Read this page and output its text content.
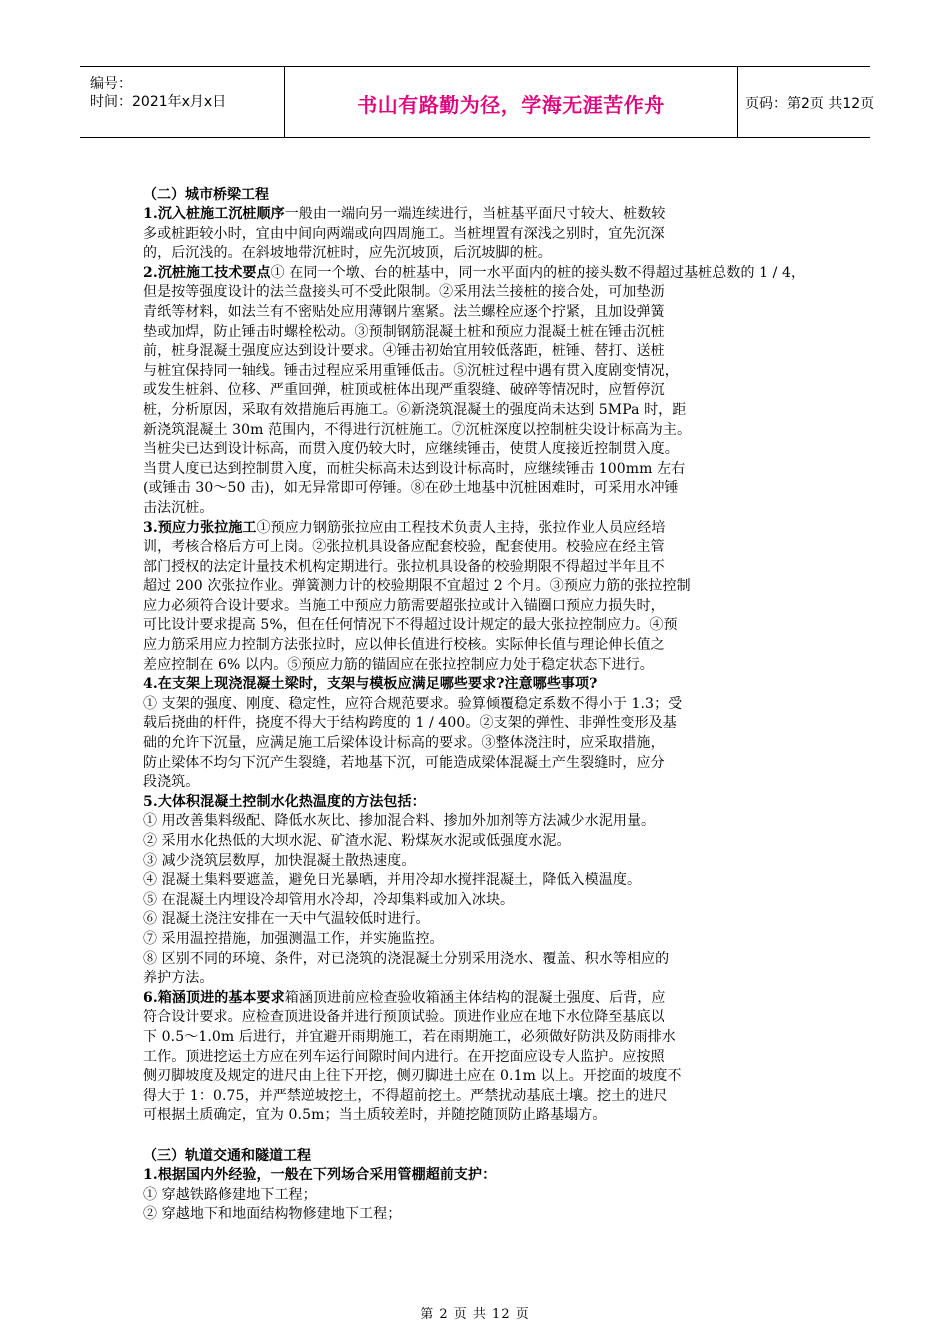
编号：
时间：2021年x月x日	书山有路勤为径，学海无涯苦作舟	页码：第2页 共12页
（二）城市桥梁工程
1.沉入桩施工沉桩顺序一般由一端向另一端连续进行，当桩基平面尺寸较大、桩数较
多或桩距较小时，宜由中间向两端或向四周施工。当桩埋置有深浅之别时，宜先沉深
的，后沉浅的。在斜坡地带沉桩时，应先沉坡顶，后沉坡脚的桩。
2.沉桩施工技术要点① 在同一个墩、台的桩基中，同一水平面内的桩的接头数不得超过基桩总数的 1 / 4，
但是按等强度设计的法兰盘接头可不受此限制。②采用法兰接桩的接合处，可加垫沥
青纸等材料，如法兰有不密贴处应用薄钢片塞紧。法兰螺栓应逐个拧紧，且加设弹簧
垫或加焊，防止锤击时螺栓松动。③预制钢筋混凝土桩和预应力混凝土桩在锤击沉桩
前，桩身混凝土强度应达到设计要求。④锤击初始宜用较低落距，桩锤、替打、送桩
与桩宜保持同一轴线。锤击过程应采用重锤低击。⑤沉桩过程中遇有贯入度剧变情况，
或发生桩斜、位移、严重回弹，桩顶或桩体出现严重裂缝、破碎等情况时，应暂停沉
桩，分析原因，采取有效措施后再施工。⑥新浇筑混凝土的强度尚未达到 5MPa 时，距
新浇筑混凝土 30m 范围内，不得进行沉桩施工。⑦沉桩深度以控制桩尖设计标高为主。
当桩尖已达到设计标高，而贯入度仍较大时，应继续锤击，使贯人度接近控制贯入度。
当贯人度已达到控制贯入度，而桩尖标高未达到设计标高时，应继续锤击 100mm 左右
(或锤击 30～50 击)，如无异常即可停锤。⑧在砂土地基中沉桩困难时，可采用水冲锤
击法沉桩。
3.预应力张拉施工①预应力钢筋张拉应由工程技术负责人主持，张拉作业人员应经培
训，考核合格后方可上岗。②张拉机具设备应配套校验，配套使用。校验应在经主管
部门授权的法定计量技术机构定期进行。张拉机具设备的校验期限不得超过半年且不
超过 200 次张拉作业。弹簧测力计的校验期限不宜超过 2 个月。③预应力筋的张拉控制
应力必须符合设计要求。当施工中预应力筋需要超张拉或计入锚圈口预应力损失时，
可比设计要求提高 5%，但在任何情况下不得超过设计规定的最大张拉控制应力。④预
应力筋采用应力控制方法张拉时，应以伸长值进行校核。实际伸长值与理论伸长值之
差应控制在 6% 以内。⑤预应力筋的锚固应在张拉控制应力处于稳定状态下进行。
4.在支架上现浇混凝土梁时，支架与模板应满足哪些要求?注意哪些事项?
① 支架的强度、刚度、稳定性，应符合规范要求。验算倾覆稳定系数不得小于 1.3；受
载后挠曲的杆件，挠度不得大于结构跨度的 1 / 400。②支架的弹性、非弹性变形及基
础的允许下沉量，应满足施工后梁体设计标高的要求。③整体浇注时，应采取措施，
防止梁体不均匀下沉产生裂缝，若地基下沉，可能造成梁体混凝土产生裂缝时，应分
段浇筑。
5.大体积混凝土控制水化热温度的方法包括：
① 用改善集料级配、降低水灰比、掺加混合料、掺加外加剂等方法减少水泥用量。
② 采用水化热低的大坝水泥、矿渣水泥、粉煤灰水泥或低强度水泥。
③ 减少浇筑层数厚，加快混凝土散热速度。
④ 混凝土集料要遮盖，避免日光暴晒，并用冷却水搅拌混凝土，降低入模温度。
⑤ 在混凝土内埋设冷却管用水冷却，冷却集料或加入冰块。
⑥ 混凝土浇注安排在一天中气温较低时进行。
⑦ 采用温控措施，加强测温工作，并实施监控。
⑧ 区别不同的环境、条件，对已浇筑的浇混凝土分别采用浇水、覆盖、积水等相应的
养护方法。
6.箱涵顶进的基本要求箱涵顶进前应检查验收箱涵主体结构的混凝土强度、后背，应
符合设计要求。应检查顶进设备并进行预顶试验。顶进作业应在地下水位降至基底以
下 0.5～1.0m 后进行，并宜避开雨期施工，若在雨期施工，必须做好防洪及防雨排水
工作。顶进挖运土方应在列车运行间隙时间内进行。在开挖面应设专人监护。应按照
侧刃脚坡度及规定的进尺由上往下开挖，侧刃脚进土应在 0.1m 以上。开挖面的坡度不
得大于 1：0.75，并严禁逆坡挖土，不得超前挖土。严禁扰动基底土壤。挖土的进尺
可根据土质确定，宜为 0.5m；当土质较差时，并随挖随顶防止路基塌方。
（三）轨道交通和隧道工程
1.根据国内外经验，一般在下列场合采用管棚超前支护：
① 穿越铁路修建地下工程；
② 穿越地下和地面结构物修建地下工程；
第 2 页 共 12 页
